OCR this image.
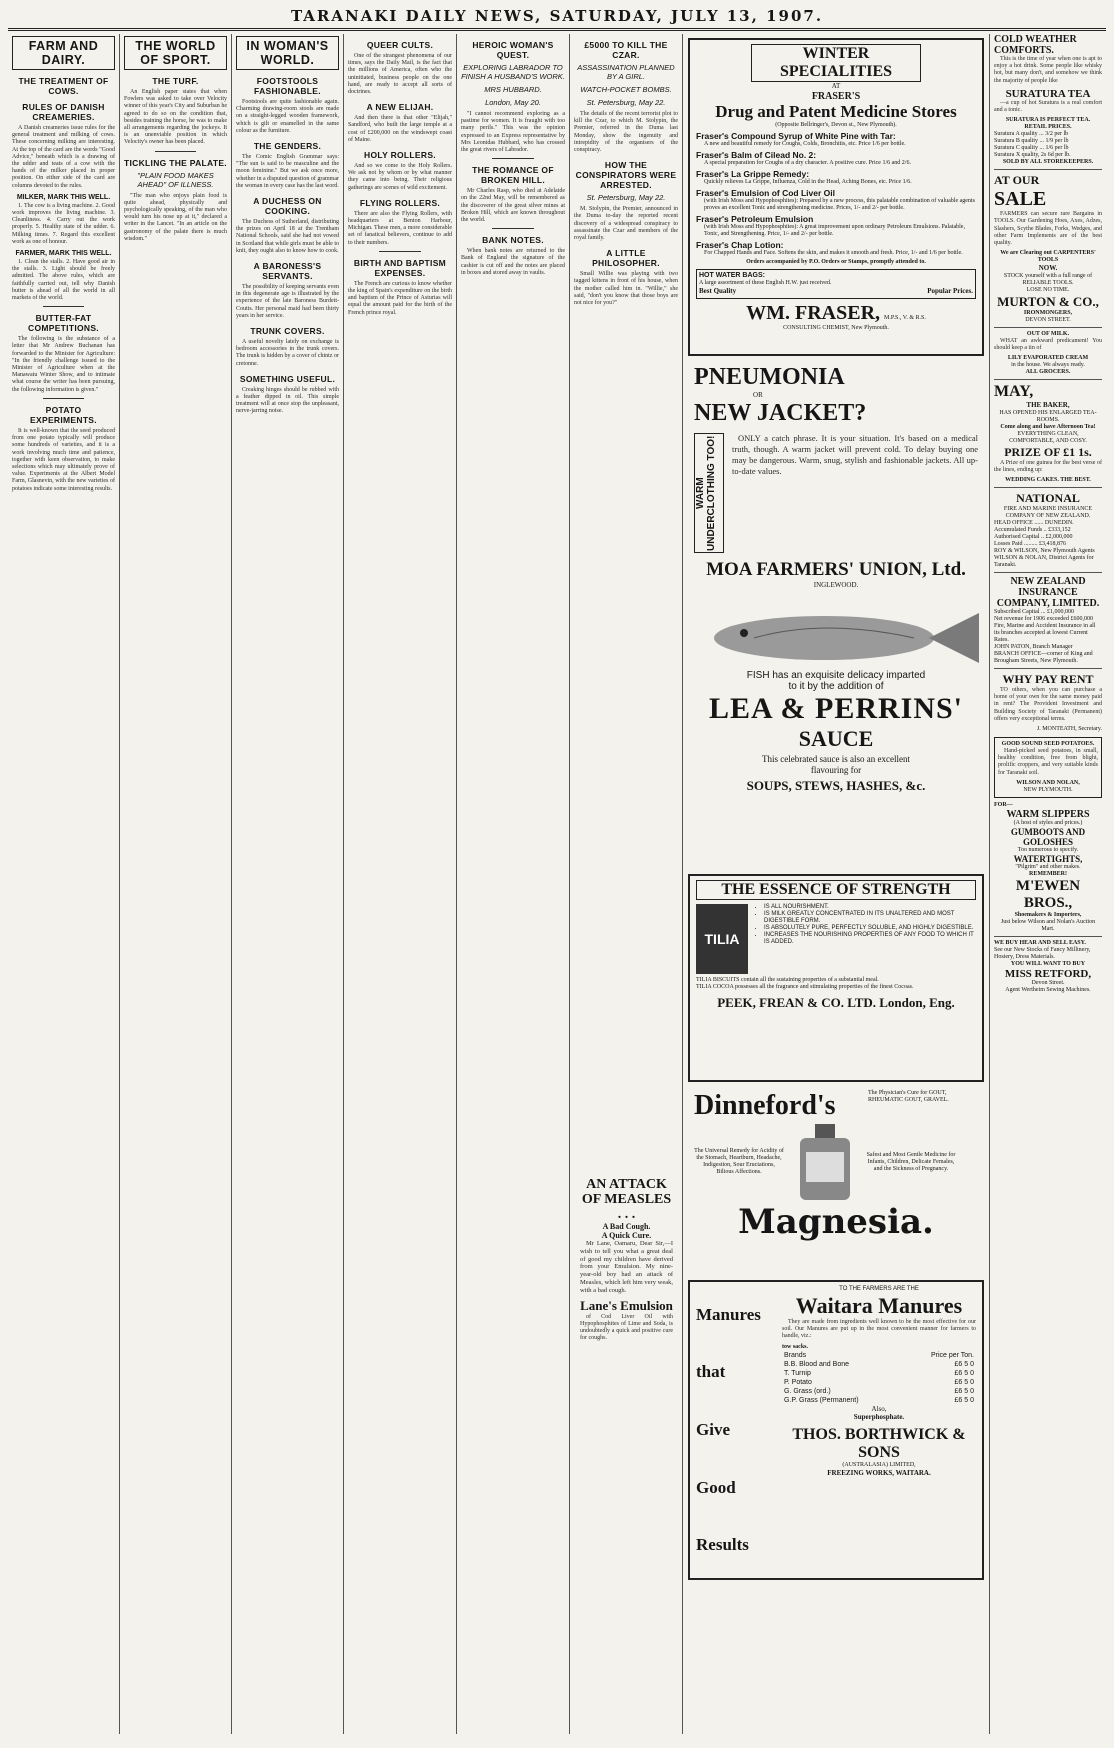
TARANAKI DAILY NEWS, SATURDAY, JULY 13, 1907.
FARM AND DAIRY.
THE TREATMENT OF COWS.
RULES OF DANISH CREAMERIES.

A Danish creameries issue rules for the general treatment and milking of cows. These concerning milking are interesting. At the top of the card are the words "Good Advice," beneath which is a drawing of the udder and teats of a cow with the hands of the milker placed in proper position. On either side of the card are columns devoted to the rules.

MILKER, MARK THIS WELL.

1. The cow is a living machine. 2. Good work improves the living machine. 3. Cleanliness. 4. Carry out the work properly. 5. Healthy state of the udder. 6. Milking times. 7. Regard this excellent work as one of honour.

FARMER, MARK THIS WELL.

1. Clean the stalls. 2. Have good air in the stalls. 3. Light should be freely admitted. The above rules, which are faithfully carried out, tell why Danish butter is ahead of all the world in all markets of the world.

BUTTER-FAT COMPETITIONS.

The following is the substance of a letter that Mr Andrew Buchanan has forwarded to the Minister for Agriculture: "In the friendly challenge issued to the Minister of Agriculture when at the Manawatu Winter Show, and to intimate what course the writer has been pursuing, the following information is given."

POTATO EXPERIMENTS.

It is well-known that the seed produced from one potato typically will produce some hundreds of varieties, and it is a work involving much time and patience, together with keen observation, to make selections which may ultimately prove of value. Experiments at the Albert Model Farm, Glasnevin, with the new varieties of potatoes indicate some interesting results.

THE WORLD OF SPORT.
THE TURF.

An English paper states that when Fowlers was asked to take over Velocity winner of this year's City and Suburban he agreed to do so on the condition that, besides training the horse, he was to make all arrangements regarding the jockeys. It is an unenviable position in which Velocity's owner has been placed.

TICKLING THE PALATE.
"PLAIN FOOD MAKES AHEAD" OF ILLNESS.

"The man who enjoys plain food is quite ahead, physically and psychologically speaking, of the man who would turn his nose up at it," declared a writer in the Lancet. "In an article on the gastronomy of the palate there is much wisdom."

IN WOMAN'S WORLD.
FOOTSTOOLS FASHIONABLE.

Footstools are quite fashionable again. Charming drawing-room stools are made on a straight-legged wooden framework, which is gilt or enamelled in the same colour as the furniture.

THE GENDERS.

The Comic English Grammar says: "The sun is said to be masculine and the moon feminine." But we ask once more, whether in a disputed question of grammar the woman in every case has the last word.

A DUCHESS ON COOKING.

The Duchess of Sutherland, distributing the prizes on April 18 at the Trentham National Schools, said she had not vowed in Scotland that while girls must be able to knit, they ought also to know how to cook.

A BARONESS'S SERVANTS.

The possibility of keeping servants even in this degenerate age is illustrated by the experience of the late Baroness Burdett-Coutts. Her personal maid had been thirty years in her service.

TRUNK COVERS.

A useful novelty lately on exchange is bedroom accessories in the trunk covers. The trunk is hidden by a cover of chintz or cretonne.

SOMETHING USEFUL.

Creaking hinges should be rubbed with a feather dipped in oil. This simple treatment will at once stop the unpleasant, nerve-jarring noise.

QUEER CULTS.

One of the strangest phenomena of our times, says the Daily Mail, is the fact that the millions of America, often who the uninitiated, business people on the one hand, are ready to accept all sorts of doctrines.

A NEW ELIJAH.

And then there is that other "Elijah," Sandford, who built the large temple at a cost of £200,000 on the windswept coast of Maine.

HOLY ROLLERS.

And so we come to the Holy Rollers. We ask not by whom or by what manner they came into being. Their religious gatherings are scenes of wild excitement.

FLYING ROLLERS.

There are also the Flying Rollers, with headquarters at Benton Harbour, Michigan. These men, a more considerable set of fanatical believers, continue to add to their numbers.

BIRTH AND BAPTISM EXPENSES.

The French are curious to know whether the king of Spain's expenditure on the birth and baptism of the Prince of Asturias will equal the amount paid for the birth of the French prince royal.

HEROIC WOMAN'S QUEST.
EXPLORING LABRADOR TO FINISH A HUSBAND'S WORK.
MRS HUBBARD.
London, May 20.

"I cannot recommend exploring as a pastime for women. It is fraught with too many perils." This was the opinion expressed to an Express representative by Mrs Leonidas Hubbard, who has crossed the great rivers of Labrador.

THE ROMANCE OF BROKEN HILL.

Mr Charles Rasp, who died at Adelaide on the 22nd May, will be remembered as the discoverer of the great silver mines at Broken Hill, which are known throughout the world.

BANK NOTES.

When bank notes are returned to the Bank of England the signature of the cashier is cut off and the notes are placed in boxes and stored away in vaults.

£5000 TO KILL THE CZAR.
ASSASSINATION PLANNED BY A GIRL.
WATCH-POCKET BOMBS.
St. Petersburg, May 22.

The details of the recent terrorist plot to kill the Czar, to which M. Stolypin, the Premier, referred in the Duma last Monday, show the ingenuity and intrepidity of the organisers of the conspiracy.

HOW THE CONSPIRATORS WERE ARRESTED.
St. Petersburg, May 22.

M. Stolypin, the Premier, announced in the Duma to-day the reported recent discovery of a widespread conspiracy to assassinate the Czar and members of the royal family.

A LITTLE PHILOSOPHER.

Small Willie was playing with two tagged kittens in front of his house, when the mother called him in. "Willie," she said, "don't you know that those boys are not nice for you?"

AN ATTACK OF MEASLES . . .
A Bad Cough.
A Quick Cure.

Mr Lane, Oamaru, Dear Sir,—I wish to tell you what a great deal of good my children have derived from your Emulsion. My nine-year-old boy had an attack of Measles, which left him very weak, with a bad cough.

Lane's Emulsion

of Cod Liver Oil with Hypophosphites of Lime and Soda, is undoubtedly a quick and positive cure for coughs.

WINTER SPECIALITIES
AT
FRASER'S
Drug and Patent Medicine Stores
(Opposite Bellringer's, Devon st., New Plymouth).
Fraser's Compound Syrup of White Pine with Tar:
A new and beautiful remedy for Coughs, Colds, Bronchitis, etc. Price 1/6 per bottle.
Fraser's Balm of Cilead No. 2:
A special preparation for Coughs of a dry character. A positive cure. Price 1/6 and 2/6.
Fraser's La Grippe Remedy:
Quickly relieves La Grippe, Influenza, Cold in the Head, Aching Bones, etc. Price 1/6.
Fraser's Emulsion of Cod Liver Oil
(with Irish Moss and Hypophosphites): Prepared by a new process, this palatable combination of valuable agents proves an excellent Tonic and strengthening medicine. Prices, 1/- and 2/- per bottle.
Fraser's Petroleum Emulsion
(with Irish Moss and Hypophosphites): A great improvement upon ordinary Petroleum Emulsions. Palatable, Tonic, and Strengthening. Price, 1/- and 2/- per bottle.
Fraser's Chap Lotion:
For Chapped Hands and Face. Softens the skin, and makes it smooth and fresh. Price, 1/- and 1/6 per bottle.
Orders accompanied by P.O. Orders or Stamps, promptly attended to.
HOT WATER BAGS:
A large assortment of these English H.W. just received.
Best Quality	Popular Prices.
WM. FRASER, M.P.S., V. & R.S.
CONSULTING CHEMIST, New Plymouth.
PNEUMONIA
OR
NEW JACKET?
WARM UNDERCLOTHING TOO!	ONLY a catch phrase. It is your situation. It's based on a medical truth, though. A warm jacket will prevent cold. To delay buying one may be dangerous. Warm, snug, stylish and fashionable jackets. All up-to-date values.

MOA FARMERS' UNION, Ltd.
INGLEWOOD.
FISH has an exquisite delicacy imparted
to it by the addition of
LEA & PERRINS'
SAUCE
This celebrated sauce is also an excellent flavouring for
SOUPS, STEWS, HASHES, &c.
THE ESSENCE OF STRENGTH
TILIA
• IS ALL NOURISHMENT.
• IS MILK GREATLY CONCENTRATED IN ITS UNALTERED AND MOST DIGESTIBLE FORM.
• IS ABSOLUTELY PURE, PERFECTLY SOLUBLE, AND HIGHLY DIGESTIBLE.
• INCREASES THE NOURISHING PROPERTIES OF ANY FOOD TO WHICH IT IS ADDED.
TILIA BISCUITS contain all the sustaining properties of a substantial meal.
TILIA COCOA possesses all the fragrance and stimulating properties of the finest Cocoas.
PEEK, FREAN & CO. LTD. London, Eng.
Dinneford's	The Physician's Cure for GOUT, RHEUMATIC GOUT, GRAVEL.
The Universal Remedy for Acidity of the Stomach, Heartburn, Headache, Indigestion, Sour Eructations, Bilious Affections.
Safest and Most Gentle Medicine for Infants, Children, Delicate Females, and the Sickness of Pregnancy.
Magnesia.
Manures
that
Give
Good
Results
TO THE FARMERS ARE THE
Waitara Manures

They are made from ingredients well known to be the most effective for our soil. Our Manures are put up in the most convenient manner for farmers to handle, viz.:

tow sacks.
Brands	Price per Ton.
B.B. Blood and Bone	£6 5 0
T. Turnip	£6 5 0
P. Potato	£6 5 0
G. Grass (ord.)	£6 5 0
G.P. Grass (Permanent)	£6 5 0
Also,
Superphosphate.
THOS. BORTHWICK & SONS
(AUSTRALASIA) LIMITED,
FREEZING WORKS, WAITARA.
COLD WEATHER COMFORTS.

This is the time of year when one is apt to enjoy a hot drink. Some people like whisky hot, but many don't, and somehow we think the majority of people like

SURATURA TEA

—a cup of hot Suratura is a real comfort and a tonic.

SURATURA IS PERFECT TEA.
RETAIL PRICES.
Suratura A quality ... 3/2 per lb
Suratura B quality ... 1/9 per lb
Suratura C quality ... 1/6 per lb
Suratura X quality, 2s 6d per lb.
SOLD BY ALL STOREKEEPERS.
AT OUR
SALE

FARMERS can secure rare Bargains in TOOLS. Our Gardening Hoes, Axes, Adzes, Slashers, Scythe Blades, Forks, Wedges, and other Farm Implements are of the best quality.

We are Clearing out CARPENTERS' TOOLS
NOW.
STOCK yourself with a full range of RELIABLE TOOLS.
LOSE NO TIME.
MURTON & CO.,
IRONMONGERS,
DEVON STREET.
OUT OF MILK.

WHAT an awkward predicament! You should keep a tin of

LILY EVAPORATED CREAM
in the house. We always ready.
ALL GROCERS.
MAY,
THE BAKER,
HAS OPENED HIS ENLARGED TEA-ROOMS.
Come along and have Afternoon Tea!
EVERYTHING CLEAN, COMFORTABLE, AND COSY.
PRIZE OF £1 1s.

A Prize of one guinea for the best verse of the lines, ending up:

WEDDING CAKES. THE BEST.
NATIONAL
FIRE AND MARINE INSURANCE COMPANY OF NEW ZEALAND.
HEAD OFFICE ...... DUNEDIN.
Accumulated Funds .. £333,152
Authorised Capital .. £2,000,000
Losses Paid ......... £3,418,876
ROY & WILSON, New Plymouth Agents
WILSON & NOLAN, District Agents for Taranaki.
NEW ZEALAND INSURANCE COMPANY, LIMITED.
Subscribed Capital ... £1,000,000
Net revenue for 1906 exceeded £600,000
Fire, Marine and Accident Insurance in all its branches accepted at lowest Current Rates.
JOHN PATON, Branch Manager
BRANCH OFFICE—corner of King and Brougham Streets, New Plymouth.
WHY PAY RENT

TO others, when you can purchase a home of your own for the same money paid in rent? The Provident Investment and Building Society of Taranaki (Permanent) offers very exceptional terms.

J. MONTEATH, Secretary.
GOOD SOUND SEED POTATOES.

Hand-picked seed potatoes, in small, healthy condition, free from blight, prolific croppers, and very suitable kinds for Taranaki soil.

WILSON AND NOLAN,
NEW PLYMOUTH.
FOR—
WARM SLIPPERS
(A host of styles and prices.)
GUMBOOTS AND GOLOSHES
Too numerous to specify.
WATERTIGHTS,
"Pilgrim" and other makes.
REMEMBER!
M'EWEN BROS.,
Shoemakers & Importers,
Just below Wilson and Nolan's Auction Mart.
WE BUY HEAR AND SELL EASY.
See our New Stocks of Fancy Millinery, Hosiery, Dress Materials.
YOU WILL WANT TO BUY
MISS RETFORD,
Devon Street.
Agent Wertheim Sewing Machines.
